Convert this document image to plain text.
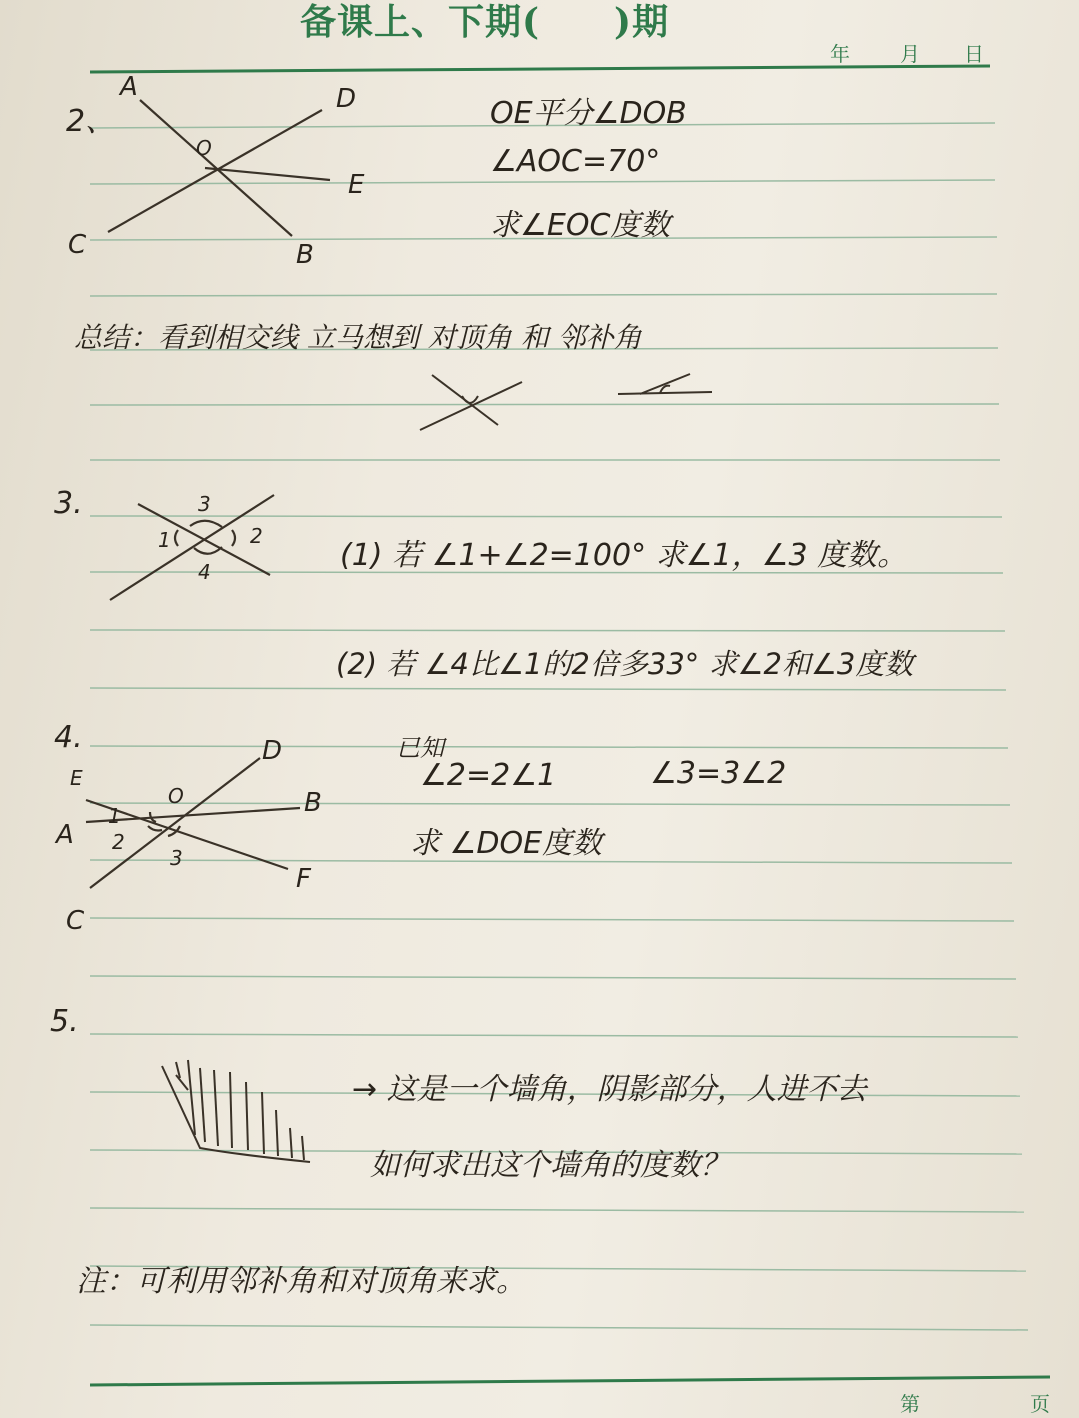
备课上、下期(　　)期
年	月 日
2、
A	D
O
E
C	B
OE平分∠DOB
∠AOC=70°
求∠EOC度数
总结：看到相交线 立马想到 对顶角 和 邻补角
3.	3
1	2
4	(1) 若 ∠1+∠2=100° 求∠1，∠3 度数。
(2) 若 ∠4比∠1的2倍多33° 求∠2和∠3度数
4.	D
E
O	B
A
F
C
1
2
3
已知
∠2=2∠1	∠3=3∠2
求 ∠DOE度数
5.
→ 这是一个墙角，阴影部分，人进不去
如何求出这个墙角的度数？
注：可利用邻补角和对顶角来求。
第	页
